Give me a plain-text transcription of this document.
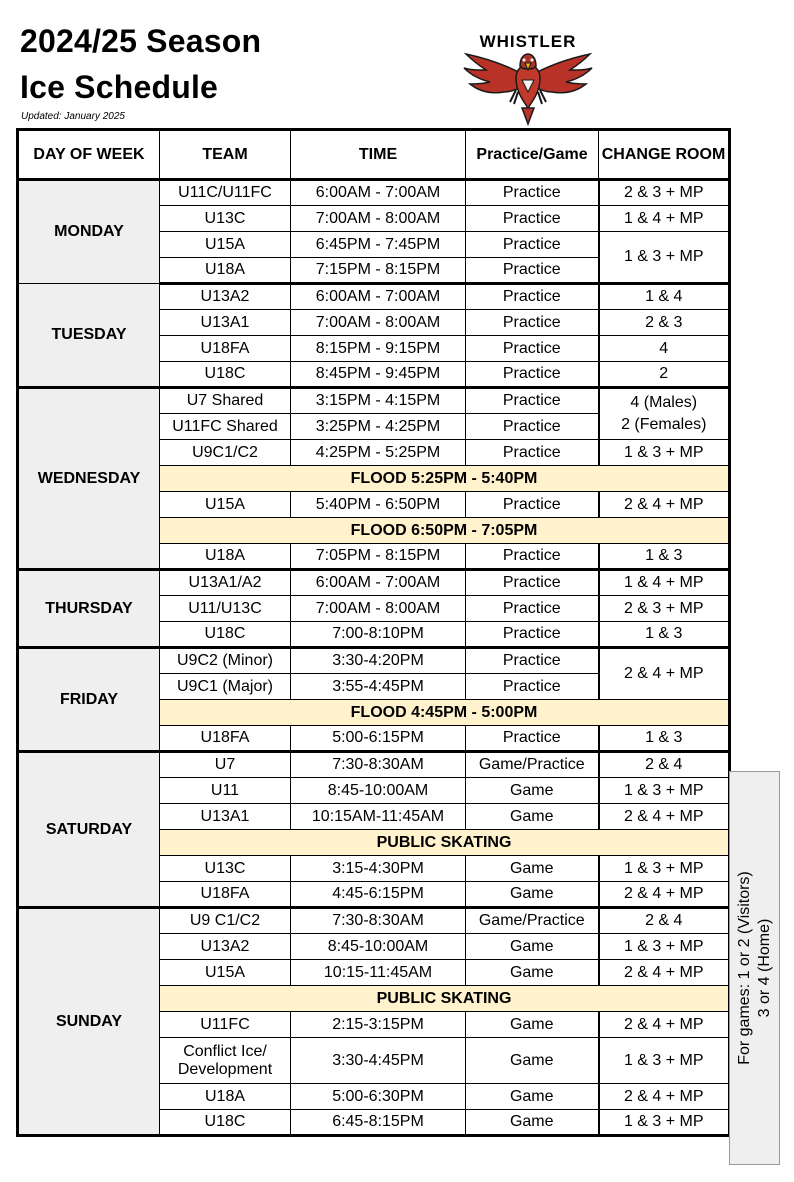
2024/25 Season
Ice Schedule
Updated: January 2025
WHISTLER
DAY OF WEEK	TEAM	TIME	Practice/Game	CHANGE ROOM
MONDAY	U11C/U11FC	6:00AM - 7:00AM	Practice	2 & 3 + MP
	U13C	7:00AM - 8:00AM	Practice	1 & 4 + MP
	U15A	6:45PM - 7:45PM	Practice	1 & 3 + MP
	U18A	7:15PM - 8:15PM	Practice	
TUESDAY	U13A2	6:00AM - 7:00AM	Practice	1 & 4
	U13A1	7:00AM - 8:00AM	Practice	2 & 3
	U18FA	8:15PM - 9:15PM	Practice	4
	U18C	8:45PM - 9:45PM	Practice	2
WEDNESDAY	U7 Shared	3:15PM - 4:15PM	Practice	4 (Males)
2 (Females)

	U11FC Shared	3:25PM - 4:25PM	Practice	
	U9C1/C2	4:25PM - 5:25PM	Practice	1 & 3 + MP
	FLOOD 5:25PM - 5:40PM			
	U15A	5:40PM - 6:50PM	Practice	2 & 4 + MP
	FLOOD 6:50PM - 7:05PM			
	U18A	7:05PM - 8:15PM	Practice	1 & 3
THURSDAY	U13A1/A2	6:00AM - 7:00AM	Practice	1 & 4 + MP
	U11/U13C	7:00AM - 8:00AM	Practice	2 & 3 + MP
	U18C	7:00-8:10PM	Practice	1 & 3
FRIDAY	U9C2 (Minor)	3:30-4:20PM	Practice	2 & 4 + MP
	U9C1 (Major)	3:55-4:45PM	Practice	
	FLOOD 4:45PM - 5:00PM			
	U18FA	5:00-6:15PM	Practice	1 & 3
SATURDAY	U7	7:30-8:30AM	Game/Practice	2 & 4
	U11	8:45-10:00AM	Game	1 & 3 + MP
	U13A1	10:15AM-11:45AM	Game	2 & 4 + MP
	PUBLIC SKATING			
	U13C	3:15-4:30PM	Game	1 & 3 + MP
	U18FA	4:45-6:15PM	Game	2 & 4 + MP
SUNDAY	U9 C1/C2	7:30-8:30AM	Game/Practice	2 & 4
	U13A2	8:45-10:00AM	Game	1 & 3 + MP
	U15A	10:15-11:45AM	Game	2 & 4 + MP
	PUBLIC SKATING			
	U11FC	2:15-3:15PM	Game	2 & 4 + MP

	Conflict Ice/
Development	3:30-4:45PM	Game	1 & 3 + MP
	U18A	5:00-6:30PM	Game	2 & 4 + MP
	U18C	6:45-8:15PM	Game	1 & 3 + MP
For games: 1 or 2 (Visitors) 3 or 4 (Home)
